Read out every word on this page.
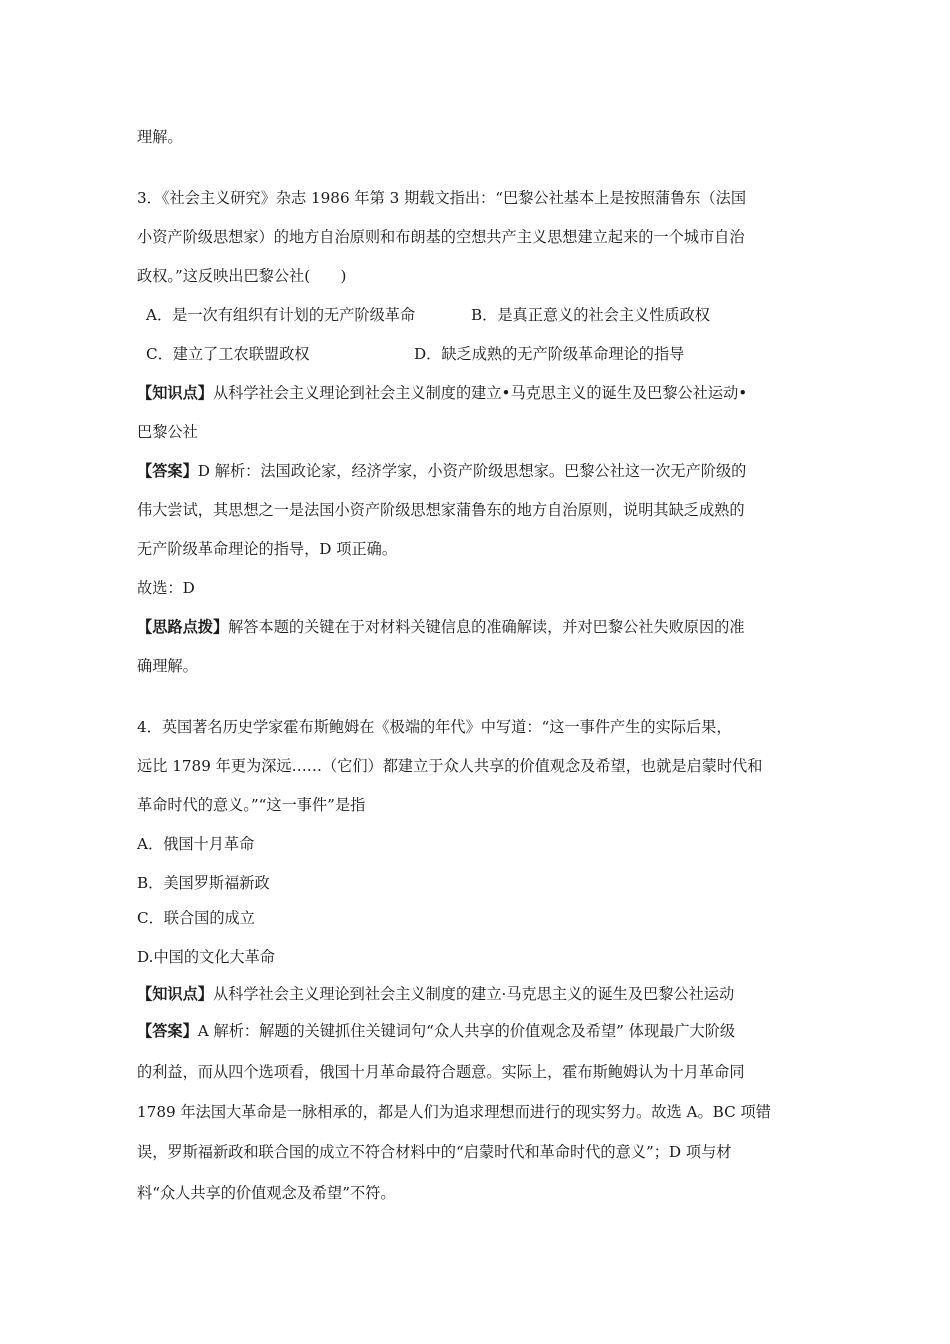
理解。
3．《社会主义研究》杂志 1986 年第 3 期载文指出：“巴黎公社基本上是按照蒲鲁东（法国
小资产阶级思想家）的地方自治原则和布朗基的空想共产主义思想建立起来的一个城市自治
政权。”这反映出巴黎公社(　　)
A．是一次有组织有计划的无产阶级革命	B．是真正意义的社会主义性质政权
C．建立了工农联盟政权	D．缺乏成熟的无产阶级革命理论的指导
【知识点】从科学社会主义理论到社会主义制度的建立•马克思主义的诞生及巴黎公社运动•
巴黎公社
【答案】D 解析：法国政论家，经济学家，小资产阶级思想家。巴黎公社这一次无产阶级的
伟大尝试，其思想之一是法国小资产阶级思想家蒲鲁东的地方自治原则，说明其缺乏成熟的
无产阶级革命理论的指导，D 项正确。
故选：D
【思路点拨】解答本题的关键在于对材料关键信息的准确解读，并对巴黎公社失败原因的准
确理解。
4．英国著名历史学家霍布斯鲍姆在《极端的年代》中写道：“这一事件产生的实际后果，
远比 1789 年更为深远……（它们）都建立于众人共享的价值观念及希望，也就是启蒙时代和
革命时代的意义。”“这一事件”是指
A．俄国十月革命
B．美国罗斯福新政
C．联合国的成立
D.中国的文化大革命
【知识点】从科学社会主义理论到社会主义制度的建立·马克思主义的诞生及巴黎公社运动
【答案】A 解析：解题的关键抓住关键词句“众人共享的价值观念及希望” 体现最广大阶级
的利益，而从四个选项看，俄国十月革命最符合题意。实际上，霍布斯鲍姆认为十月革命同
1789 年法国大革命是一脉相承的，都是人们为追求理想而进行的现实努力。故选 A。BC 项错
误，罗斯福新政和联合国的成立不符合材料中的“启蒙时代和革命时代的意义”；D 项与材
料“众人共享的价值观念及希望”不符。
